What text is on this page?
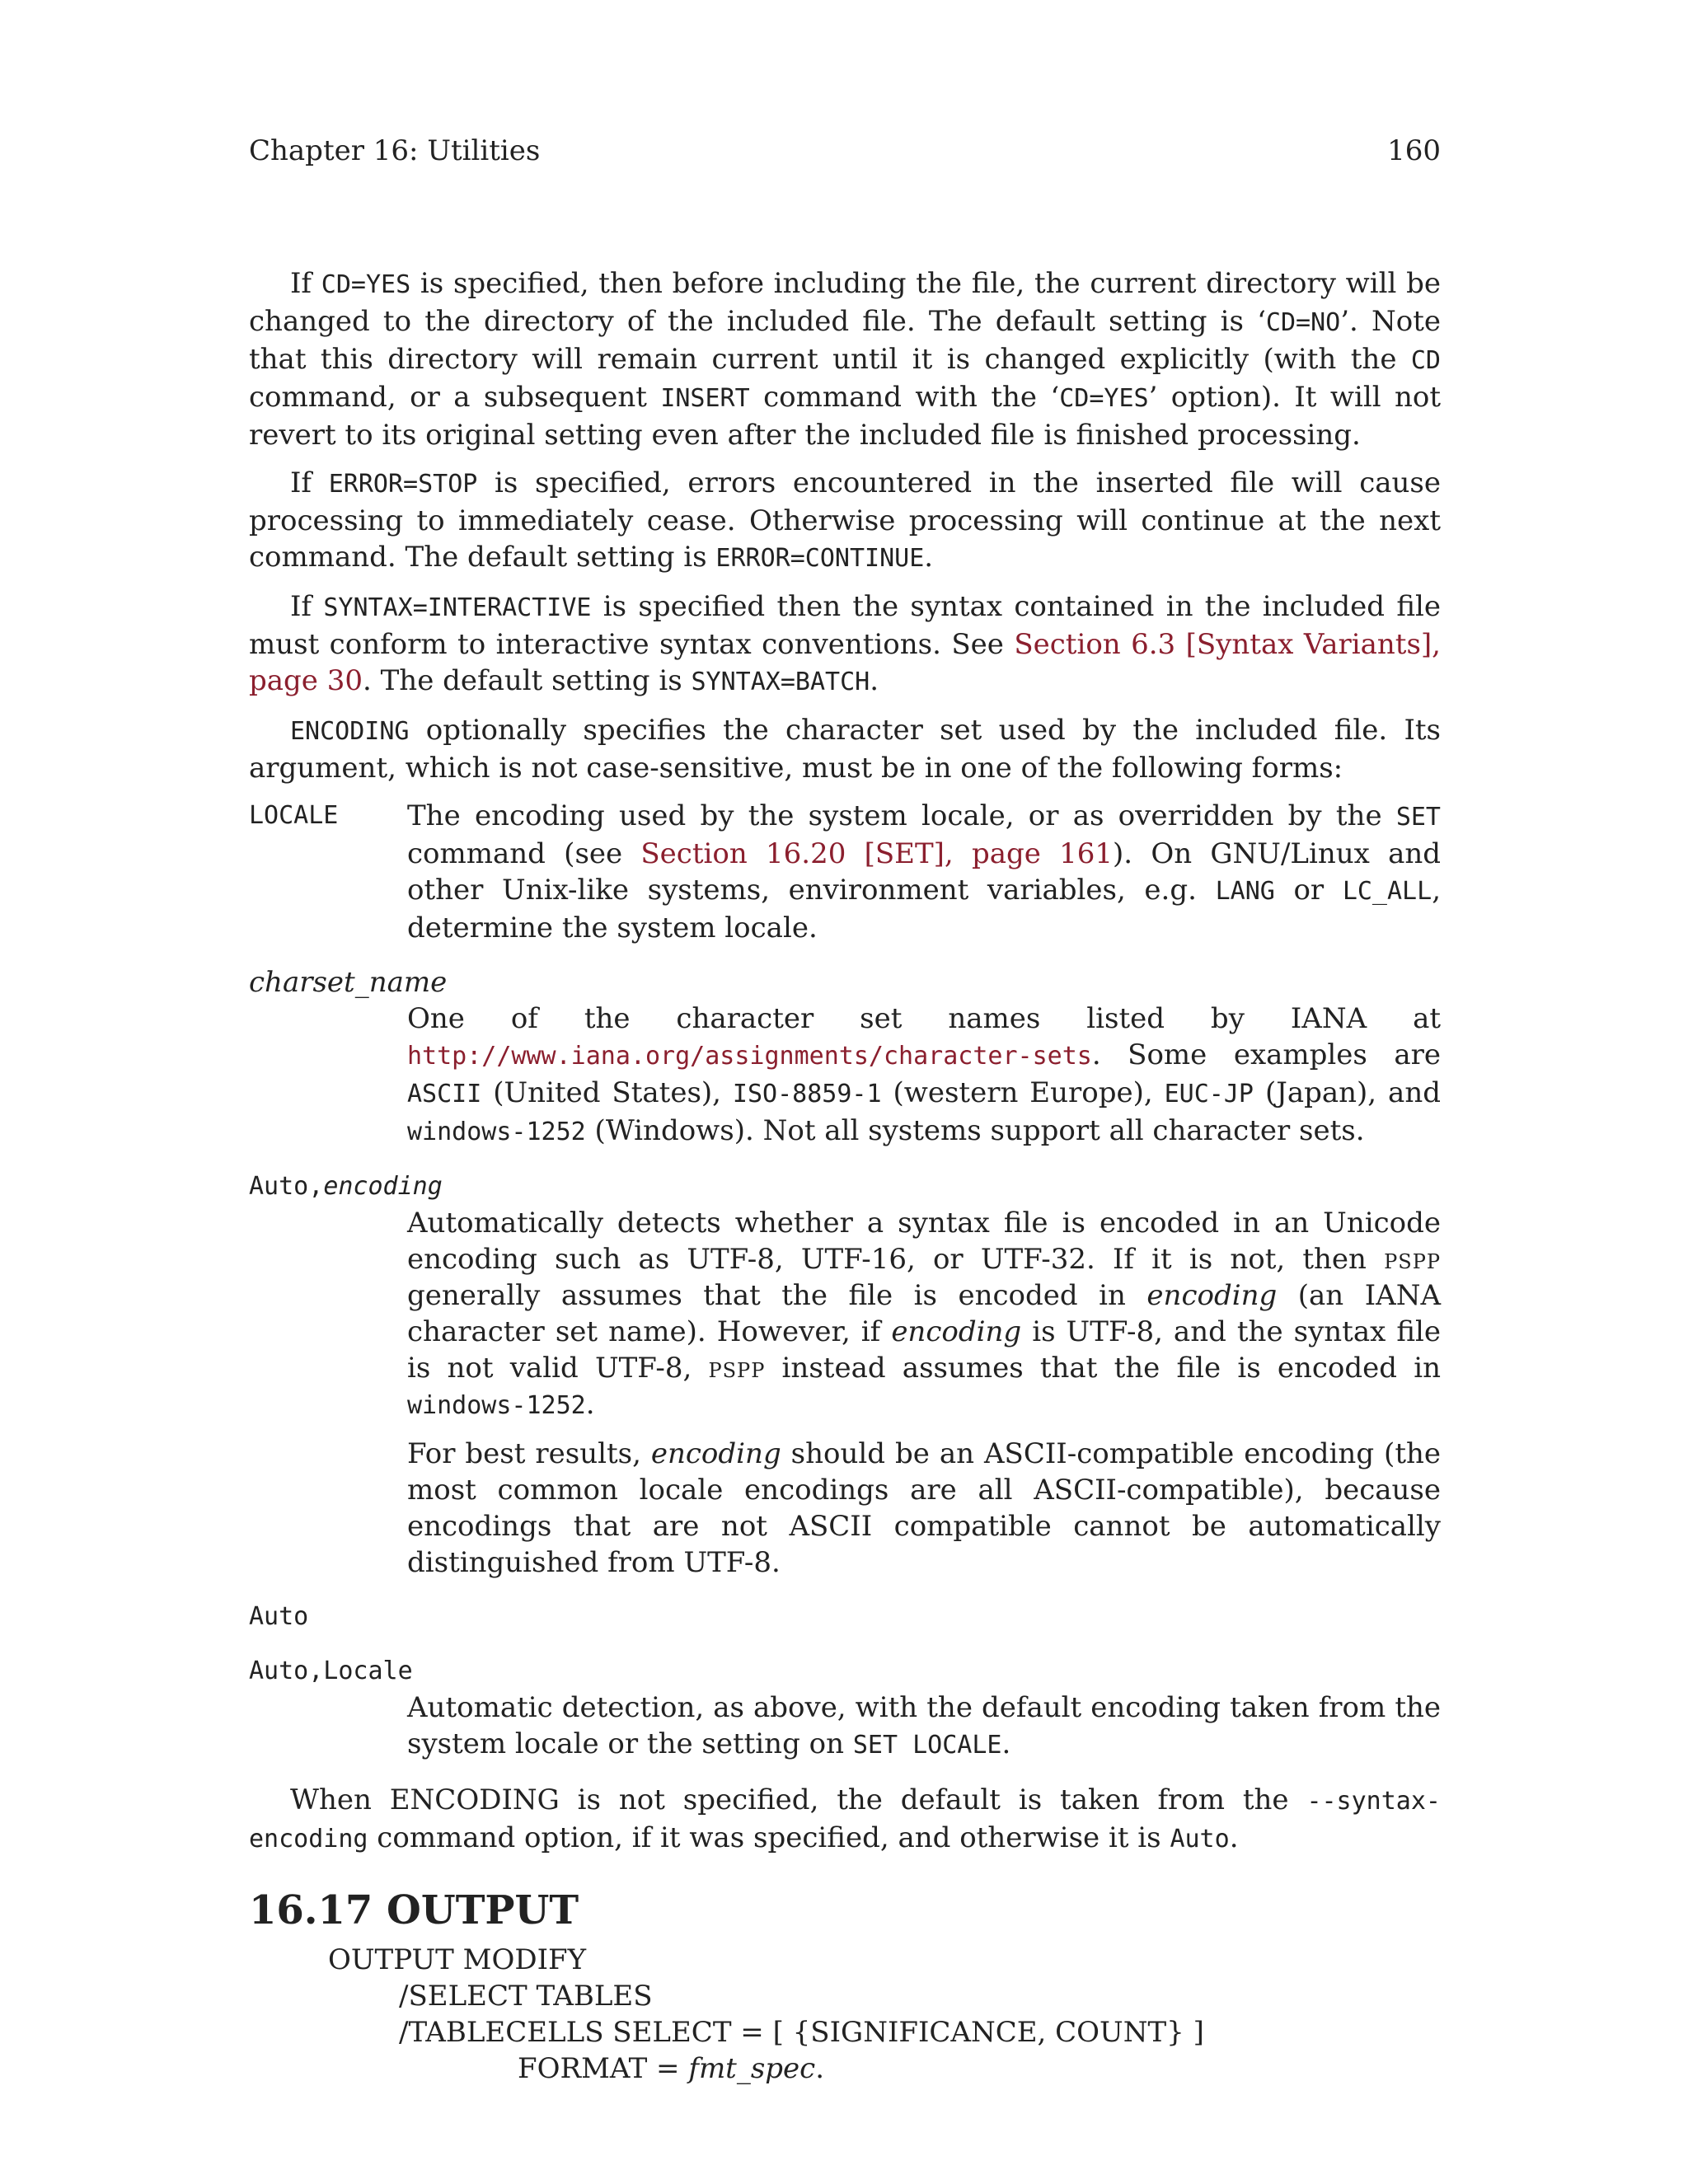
Chapter 16: Utilities	160

If CD=YES is specified, then before including the file, the current directory will be changed to the directory of the included file. The default setting is ‘CD=NO’. Note that this directory will remain current until it is changed explicitly (with the CD command, or a subsequent INSERT command with the ‘CD=YES’ option). It will not revert to its original setting even after the included file is finished processing.

If ERROR=STOP is specified, errors encountered in the inserted file will cause processing to immediately cease. Otherwise processing will continue at the next command. The default setting is ERROR=CONTINUE.

If SYNTAX=INTERACTIVE is specified then the syntax contained in the included file must conform to interactive syntax conventions. See Section 6.3 [Syntax Variants], page 30. The default setting is SYNTAX=BATCH.

ENCODING optionally specifies the character set used by the included file. Its argument, which is not case-sensitive, must be in one of the following forms:

LOCALE	The encoding used by the system locale, or as overridden by the SET command (see Section 16.20 [SET], page 161). On GNU/Linux and other Unix-like systems, environment variables, e.g. LANG or LC_ALL, determine the system locale.
charset_name
One of the character set names listed by IANA at http://www.iana.org/assignments/character-sets. Some examples are ASCII (United States), ISO-8859-1 (western Europe), EUC-JP (Japan), and windows-1252 (Windows). Not all systems support all character sets.
Auto,encoding

Automatically detects whether a syntax file is encoded in an Unicode encoding such as UTF-8, UTF-16, or UTF-32. If it is not, then pspp generally assumes that the file is encoded in encoding (an IANA character set name). However, if encoding is UTF-8, and the syntax file is not valid UTF-8, pspp instead assumes that the file is encoded in windows-1252.

For best results, encoding should be an ASCII-compatible encoding (the most common locale encodings are all ASCII-compatible), because encodings that are not ASCII compatible cannot be automatically distinguished from UTF-8.

Auto
Auto,Locale
Automatic detection, as above, with the default encoding taken from the system locale or the setting on SET LOCALE.

When ENCODING is not specified, the default is taken from the --syntax-encoding command option, if it was specified, and otherwise it is Auto.

16.17 OUTPUT
OUTPUT MODIFY
/SELECT TABLES
/TABLECELLS SELECT = [ {SIGNIFICANCE, COUNT} ]
FORMAT = fmt_spec.
